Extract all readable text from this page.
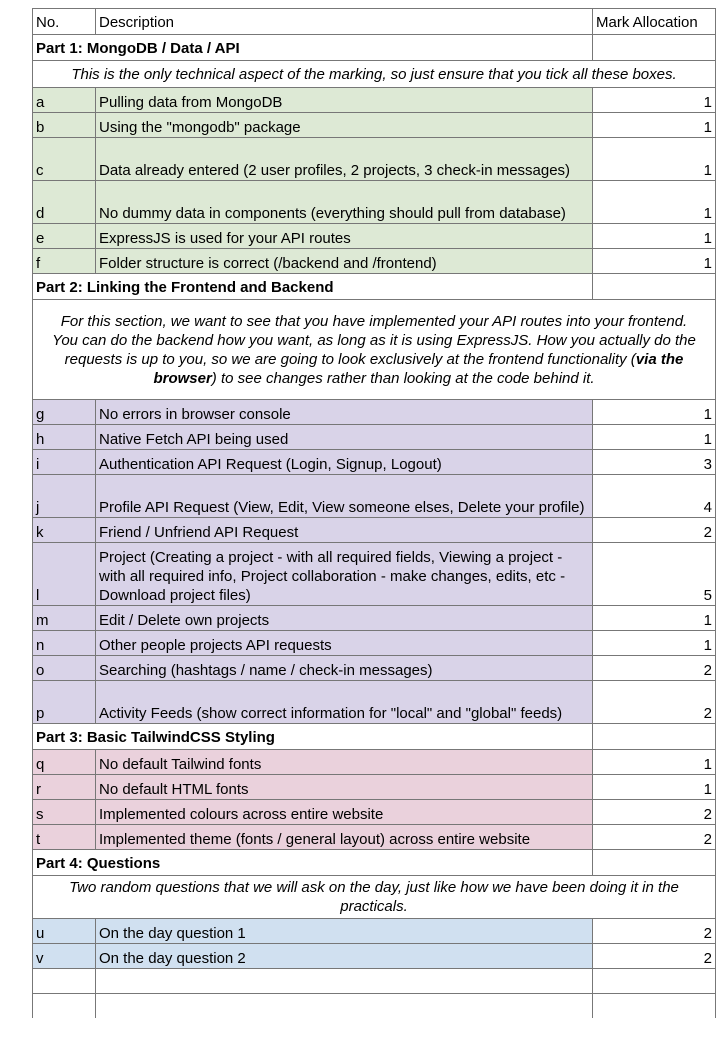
No.	Description	Mark Allocation
Part 1: MongoDB / Data / API		
This is the only technical aspect of the marking, so just ensure that you tick all these boxes.		
a	Pulling data from MongoDB	1
b	Using the "mongodb" package	1
c	Data already entered (2 user profiles, 2 projects, 3 check-in messages)	1
d	No dummy data in components (everything should pull from database)	1
e	ExpressJS is used for your API routes	1
f	Folder structure is correct (/backend and /frontend)	1
Part 2: Linking the Frontend and Backend		
For this section, we want to see that you have implemented your API routes into your frontend. You can do the backend how you want, as long as it is using ExpressJS. How you actually do the requests is up to you, so we are going to look exclusively at the frontend functionality (via the browser) to see changes rather than looking at the code behind it.		
g	No errors in browser console	1
h	Native Fetch API being used	1
i	Authentication API Request (Login, Signup, Logout)	3
j	Profile API Request (View, Edit, View someone elses, Delete your profile)	4
k	Friend / Unfriend API Request	2
l	Project (Creating a project - with all required fields, Viewing a project - with all required info, Project collaboration - make changes, edits, etc - Download project files)	5
m	Edit / Delete own projects	1
n	Other people projects API requests	1
o	Searching (hashtags / name / check-in messages)	2
p	Activity Feeds (show correct information for "local" and "global" feeds)	2
Part 3: Basic TailwindCSS Styling		
q	No default Tailwind fonts	1
r	No default HTML fonts	1
s	Implemented colours across entire website	2
t	Implemented theme (fonts / general layout) across entire website	2
Part 4: Questions		
Two random questions that we will ask on the day, just like how we have been doing it in the practicals.		
u	On the day question 1	2
v	On the day question 2	2
